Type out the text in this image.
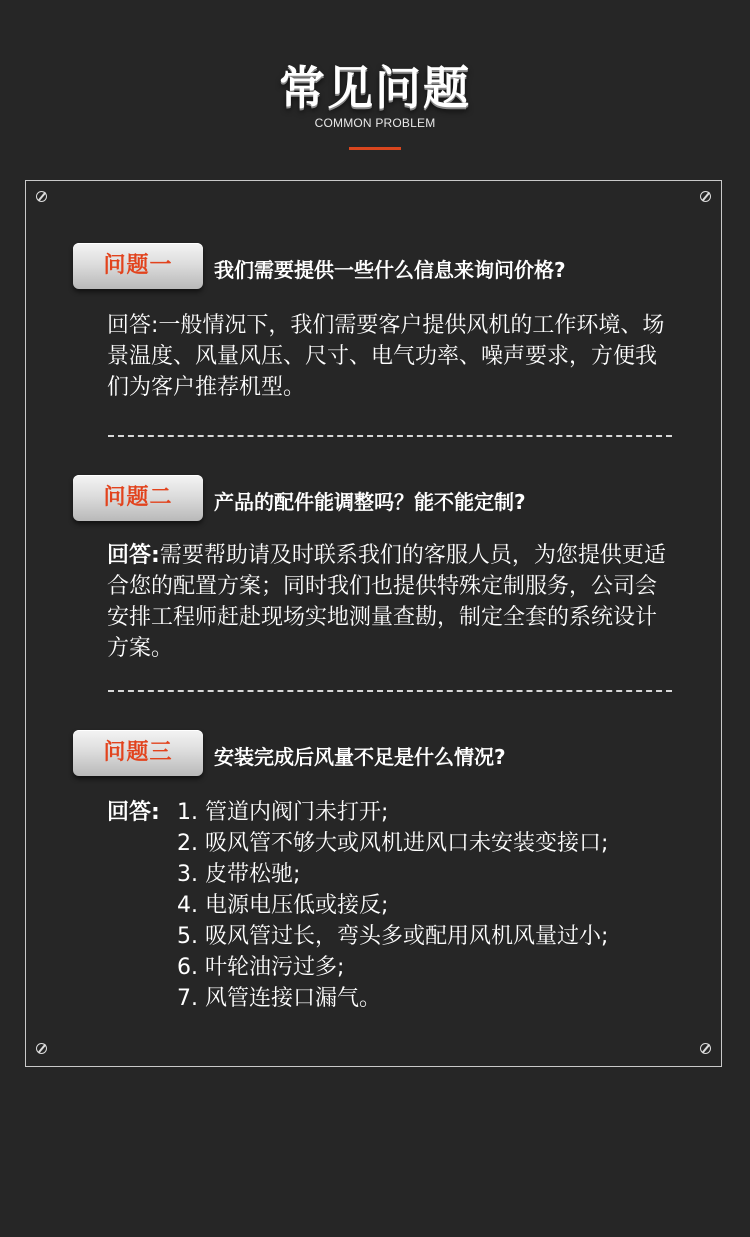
常见问题
COMMON PROBLEM
问题一	我们需要提供一些什么信息来询问价格?
回答:一般情况下，我们需要客户提供风机的工作环境、场景温度、风量风压、尺寸、电气功率、噪声要求，方便我们为客户推荐机型。
问题二	产品的配件能调整吗？能不能定制?
回答:需要帮助请及时联系我们的客服人员，为您提供更适合您的配置方案；同时我们也提供特殊定制服务，公司会安排工程师赶赴现场实地测量查勘，制定全套的系统设计方案。
问题三	安装完成后风量不足是什么情况?
回答: 1. 管道内阀门未打开;
2. 吸风管不够大或风机进风口未安装变接口;
3. 皮带松驰;
4. 电源电压低或接反;
5. 吸风管过长，弯头多或配用风机风量过小;
6. 叶轮油污过多;
7. 风管连接口漏气。
